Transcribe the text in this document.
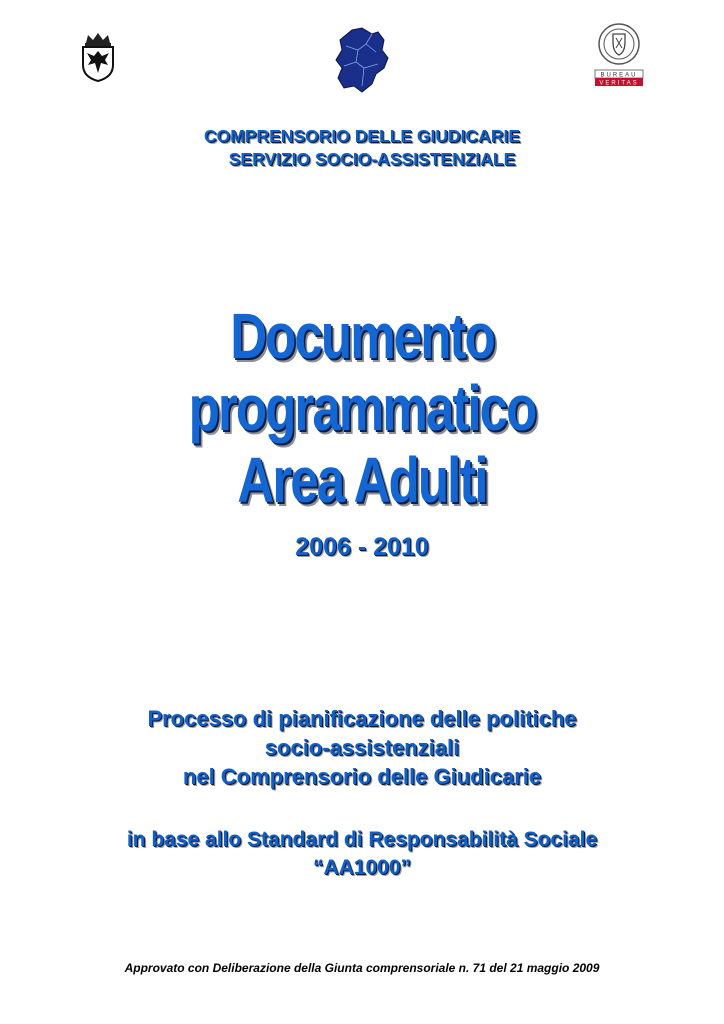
BUREAU
VERITAS
COMPRENSORIO DELLE GIUDICARIE
SERVIZIO SOCIO-ASSISTENZIALE
Documento programmatico
Area Adulti
2006 - 2010
Processo di pianificazione delle politiche
socio-assistenziali
nel Comprensorio delle Giudicarie
in base allo Standard di Responsabilità Sociale
“AA1000”
Approvato con Deliberazione della Giunta comprensoriale n. 71 del 21 maggio 2009
